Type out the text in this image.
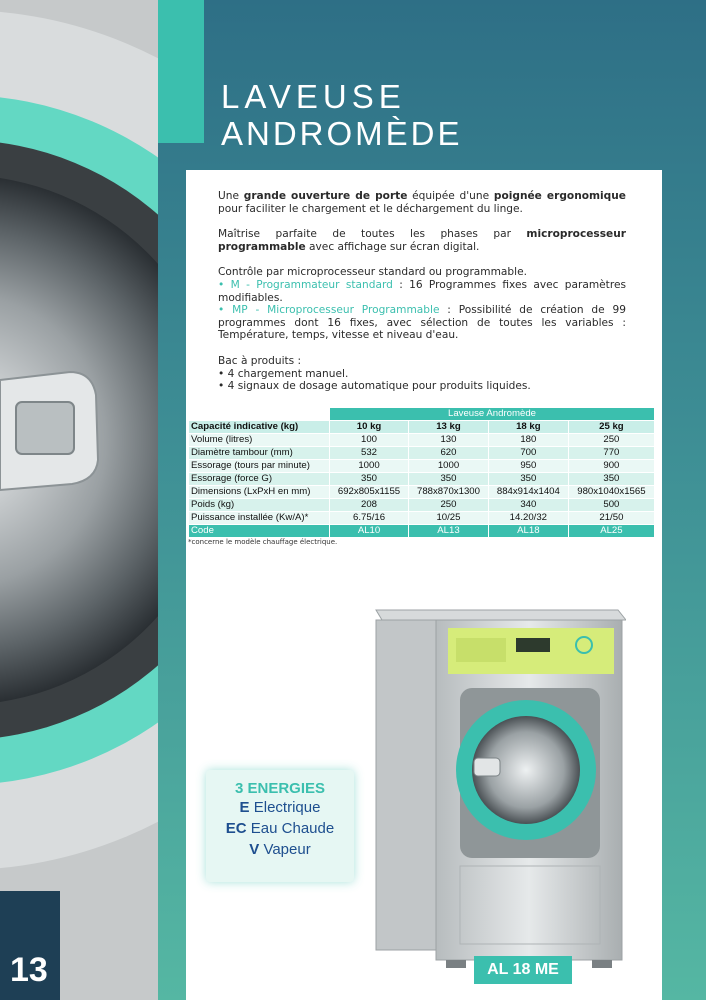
LAVEUSE
ANDROMÈDE

Une grande ouverture de porte équipée d'une poignée ergonomique pour faciliter le chargement et le déchargement du linge.

Maîtrise parfaite de toutes les phases par microprocesseur programmable avec affichage sur écran digital.

Contrôle par microprocesseur standard ou programmable.
• M - Programmateur standard : 16 Programmes fixes avec paramètres modifiables.
• MP - Microprocesseur Programmable : Possibilité de création de 99 programmes dont 16 fixes, avec sélection de toutes les variables : Température, temps, vitesse et niveau d'eau.

Bac à produits :
• 4 chargement manuel.
• 4 signaux de dosage automatique pour produits liquides.

	Laveuse Andromède			
Capacité indicative (kg)	10 kg	13 kg	18 kg	25 kg
Volume (litres)	100	130	180	250
Diamètre tambour (mm)	532	620	700	770
Essorage (tours par minute)	1000	1000	950	900
Essorage (force G)	350	350	350	350
Dimensions (LxPxH en mm)	692x805x1155	788x870x1300	884x914x1404	980x1040x1565
Poids (kg)	208	250	340	500
Puissance installée (Kw/A)*	6.75/16	10/25	14.20/32	21/50
Code	AL10	AL13	AL18	AL25
*concerne le modèle chauffage électrique.
3 ENERGIES
E Electrique
EC Eau Chaude
V Vapeur
AL 18 ME
13
